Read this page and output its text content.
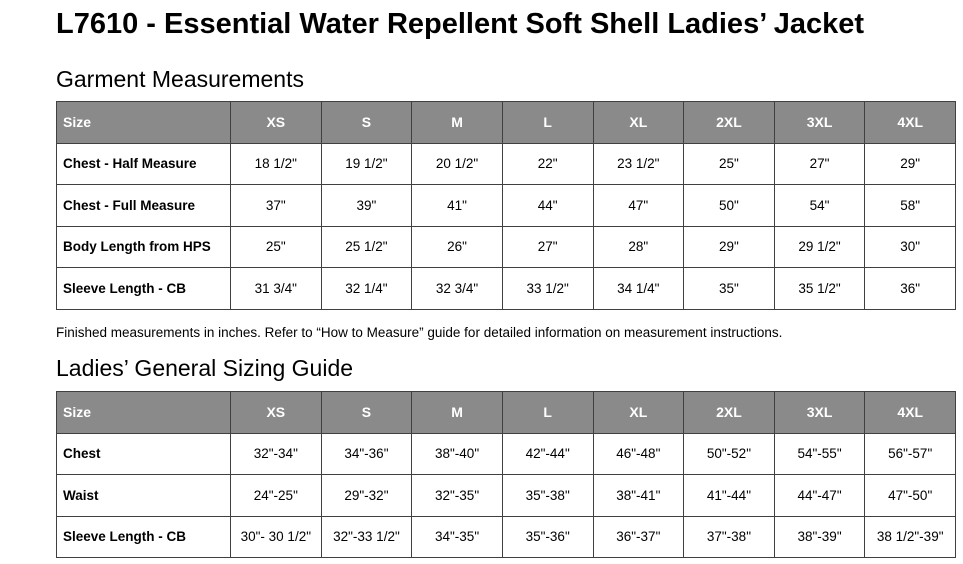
L7610 - Essential Water Repellent Soft Shell Ladies’ Jacket
Garment Measurements
Size	XS	S	M	L	XL	2XL	3XL	4XL
Chest - Half Measure	18 1/2"	19 1/2"	20 1/2"	22"	23 1/2"	25"	27"	29"
Chest - Full Measure	37"	39"	41"	44"	47"	50"	54"	58"
Body Length from HPS	25"	25 1/2"	26"	27"	28"	29"	29 1/2"	30"
Sleeve Length - CB	31 3/4"	32 1/4"	32 3/4"	33 1/2"	34 1/4"	35"	35 1/2"	36"

Finished measurements in inches. Refer to “How to Measure” guide for detailed information on measurement instructions.

Ladies’ General Sizing Guide
Size	XS	S	M	L	XL	2XL	3XL	4XL
Chest	32"-34"	34"-36"	38"-40"	42"-44"	46"-48"	50"-52"	54"-55"	56"-57"
Waist	24"-25"	29"-32"	32"-35"	35"-38"	38"-41"	41"-44"	44"-47"	47"-50"
Sleeve Length - CB	30"- 30 1/2"	32"-33 1/2"	34"-35"	35"-36"	36"-37"	37"-38"	38"-39"	38 1/2"-39"
